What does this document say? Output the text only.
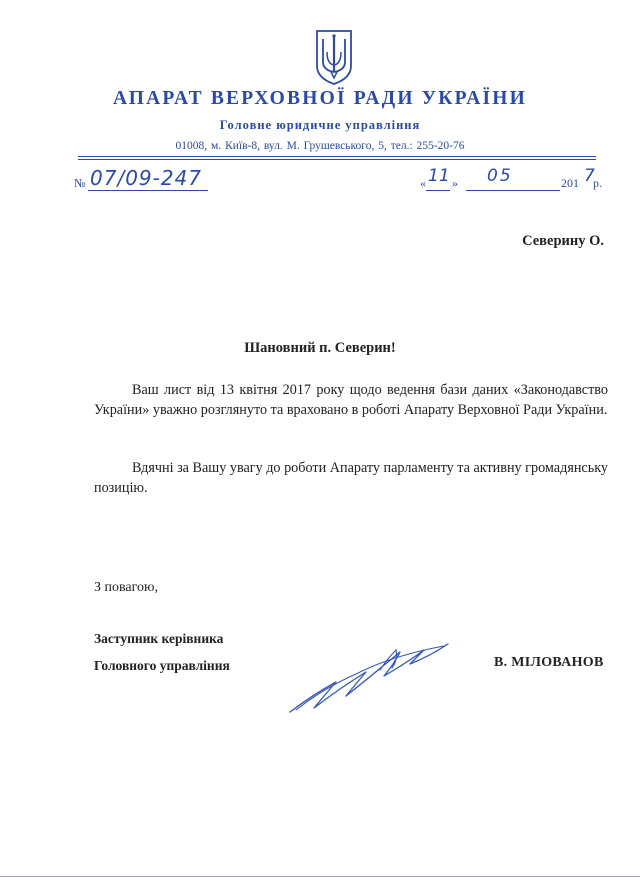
АПАРАТ ВЕРХОВНОЇ РАДИ УКРАЇНИ
Головне юридичне управління
01008, м. Київ-8, вул. М. Грушевського, 5, тел.: 255-20-76
№ 07/09-247	« 11 » 05	201 7
р.
Северину О.
Шановний п. Северин!

Ваш лист від 13 квітня 2017 року щодо ведення бази даних «Законодавство України» уважно розглянуто та враховано в роботі Апарату Верховної Ради України.

Вдячні за Вашу увагу до роботи Апарату парламенту та активну громадянську позицію.

З повагою,
Заступник керівника
Головного управління	В. МІЛОВАНОВ
